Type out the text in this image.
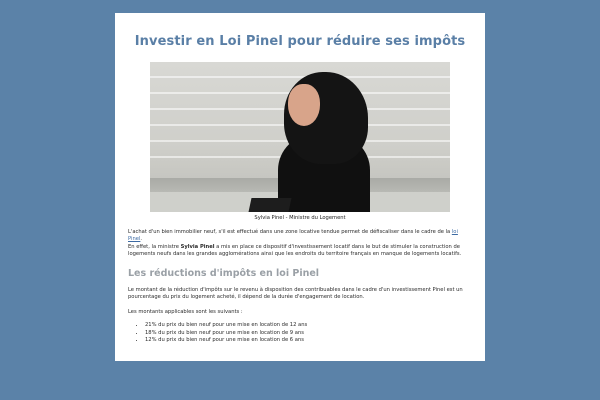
Investir en Loi Pinel pour réduire ses impôts
Sylvia Pinel - Ministre du Logement

L'achat d'un bien immobilier neuf, s'il est effectué dans une zone locative tendue permet de défiscaliser dans le cadre de la loi Pinel.

En effet, la ministre Sylvia Pinel a mis en place ce dispositif d'investissement locatif dans le but de stimuler la construction de logements neufs dans les grandes agglomérations ainsi que les endroits du territoire français en manque de logements locatifs.

Les réductions d'impôts en loi Pinel

Le montant de la réduction d'impôts sur le revenu à disposition des contribuables dans le cadre d'un investissement Pinel est un pourcentage du prix du logement acheté, il dépend de la durée d'engagement de location.

Les montants applicables sont les suivants :

• 21% du prix du bien neuf pour une mise en location de 12 ans
• 18% du prix du bien neuf pour une mise en location de 9 ans
• 12% du prix du bien neuf pour une mise en location de 6 ans
